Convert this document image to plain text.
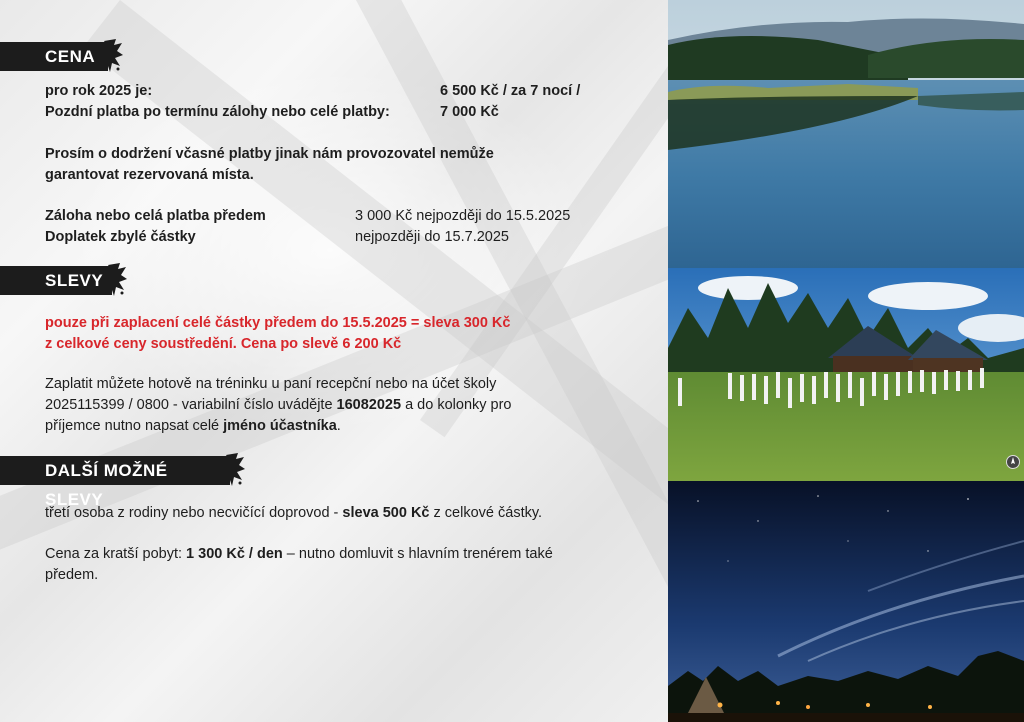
CENA
pro rok 2025 je:	6 500 Kč / za 7 nocí /
Pozdní platba po termínu zálohy nebo celé platby:	7 000 Kč
Prosím o dodržení včasné platby jinak nám provozovatel nemůže
garantovat rezervovaná místa.
Záloha nebo celá platba předem	3 000 Kč nejpozději do 15.5.2025
Doplatek zbylé částky	nejpozději do 15.7.2025
SLEVY
pouze při zaplacení celé částky předem do 15.5.2025 = sleva 300 Kč
z celkové ceny soustředění. Cena po slevě 6 200 Kč
Zaplatit můžete hotově na tréninku u paní recepční nebo na účet školy
2025115399 / 0800 - variabilní číslo uvádějte 16082025 a do kolonky pro
příjemce nutno napsat celé jméno účastníka.
DALŠÍ MOŽNÉ SLEVY
třetí osoba z rodiny nebo necvičící doprovod - sleva 500 Kč z celkové částky.
Cena za kratší pobyt: 1 300 Kč / den – nutno domluvit s hlavním trenérem také
předem.
